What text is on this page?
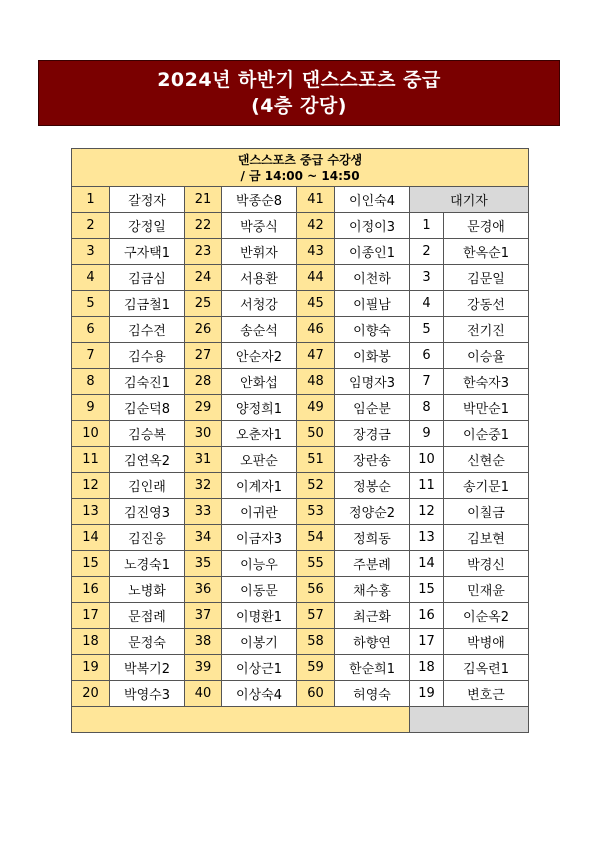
2024년 하반기 댄스스포츠 중급
(4층 강당)
댄스스포츠 중급 수강생
/ 금 14:00 ~ 14:50							

1	갈정자	21	박종순8	41	이인숙4	대기자	
2	강정일	22	박중식	42	이정이3	1	문경애
3	구자택1	23	반휘자	43	이종인1	2	한옥순1
4	김금심	24	서용환	44	이천하	3	김문일
5	김금철1	25	서청강	45	이필남	4	강동선
6	김수견	26	송순석	46	이향숙	5	전기진
7	김수용	27	안순자2	47	이화봉	6	이승율
8	김숙진1	28	안화섭	48	임명자3	7	한숙자3
9	김순덕8	29	양정희1	49	임순분	8	박만순1
10	김승복	30	오춘자1	50	장경금	9	이순중1
11	김연옥2	31	오판순	51	장란송	10	신현순
12	김인래	32	이계자1	52	정봉순	11	송기문1
13	김진영3	33	이귀란	53	정양순2	12	이칠금
14	김진웅	34	이금자3	54	정희동	13	김보현
15	노경숙1	35	이능우	55	주분례	14	박경신
16	노병화	36	이동문	56	채수홍	15	민재윤
17	문점례	37	이명환1	57	최근화	16	이순옥2
18	문정숙	38	이봉기	58	하향연	17	박병애
19	박복기2	39	이상근1	59	한순희1	18	김옥련1
20	박영수3	40	이상숙4	60	허영숙	19	변호근
